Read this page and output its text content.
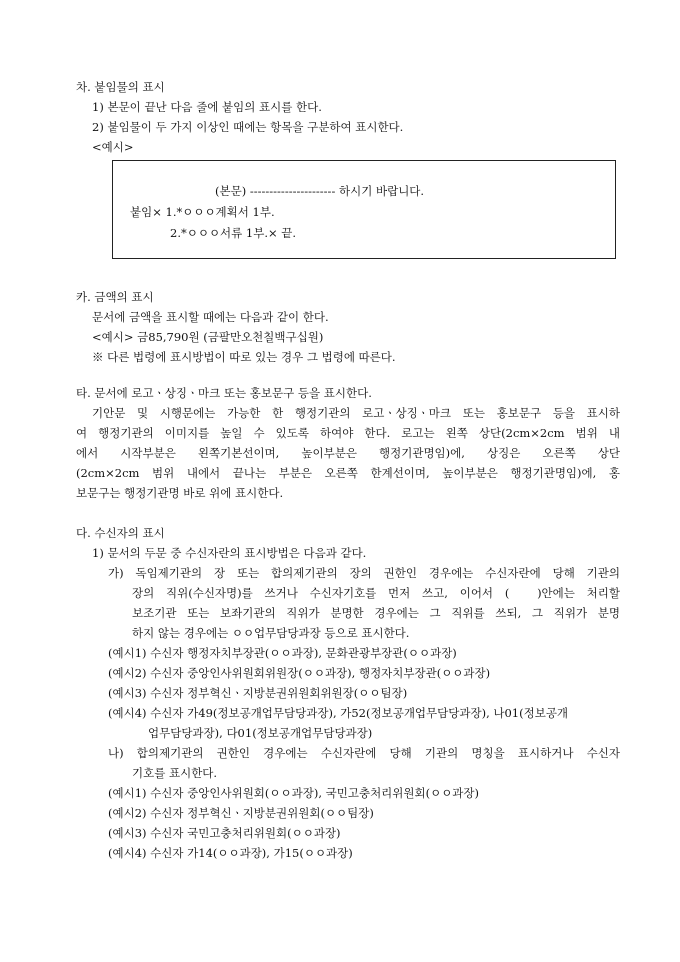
차. 붙임물의 표시
1) 본문이 끝난 다음 줄에 붙임의 표시를 한다.
2) 붙임물이 두 가지 이상인 때에는 항목을 구분하여 표시한다.
<예시>
(본문) ---------------------- 하시기 바랍니다.
붙임× 1.*ㅇㅇㅇ계획서 1부.
2.*ㅇㅇㅇ서류 1부.× 끝.
카. 금액의 표시
문서에 금액을 표시할 때에는 다음과 같이 한다.
<예시> 금85,790원 (금팔만오천칠백구십원)
※ 다른 법령에 표시방법이 따로 있는 경우 그 법령에 따른다.
타. 문서에 로고ㆍ상징ㆍ마크 또는 홍보문구 등을 표시한다.
기안문 및 시행문에는 가능한 한 행정기관의 로고ㆍ상징ㆍ마크 또는 홍보문구 등을 표시하
여 행정기관의 이미지를 높일 수 있도록 하여야 한다. 로고는 왼쪽 상단(2cm×2cm 범위 내
에서 시작부분은 왼쪽기본선이며, 높이부분은 행정기관명임)에, 상징은 오른쪽 상단
(2cm×2cm 범위 내에서 끝나는 부분은 오른쪽 한계선이며, 높이부분은 행정기관명임)에, 홍
보문구는 행정기관명 바로 위에 표시한다.
다. 수신자의 표시
1) 문서의 두문 중 수신자란의 표시방법은 다음과 같다.
가) 독임제기관의 장 또는 합의제기관의 장의 권한인 경우에는 수신자란에 당해 기관의
장의 직위(수신자명)를 쓰거나 수신자기호를 먼저 쓰고, 이어서 (　)안에는 처리할
보조기관 또는 보좌기관의 직위가 분명한 경우에는 그 직위를 쓰되, 그 직위가 분명
하지 않는 경우에는 ㅇㅇ업무담당과장 등으로 표시한다.
(예시1) 수신자 행정자치부장관(ㅇㅇ과장), 문화관광부장관(ㅇㅇ과장)
(예시2) 수신자 중앙인사위원회위원장(ㅇㅇ과장), 행정자치부장관(ㅇㅇ과장)
(예시3) 수신자 정부혁신ㆍ지방분권위원회위원장(ㅇㅇ팀장)
(예시4) 수신자 가49(정보공개업무담당과장), 가52(정보공개업무담당과장), 나01(정보공개
업무담당과장), 다01(정보공개업무담당과장)
나) 합의제기관의 권한인 경우에는 수신자란에 당해 기관의 명칭을 표시하거나 수신자
기호를 표시한다.
(예시1) 수신자 중앙인사위원회(ㅇㅇ과장), 국민고충처리위원회(ㅇㅇ과장)
(예시2) 수신자 정부혁신ㆍ지방분권위원회(ㅇㅇ팀장)
(예시3) 수신자 국민고충처리위원회(ㅇㅇ과장)
(예시4) 수신자 가14(ㅇㅇ과장), 가15(ㅇㅇ과장)
